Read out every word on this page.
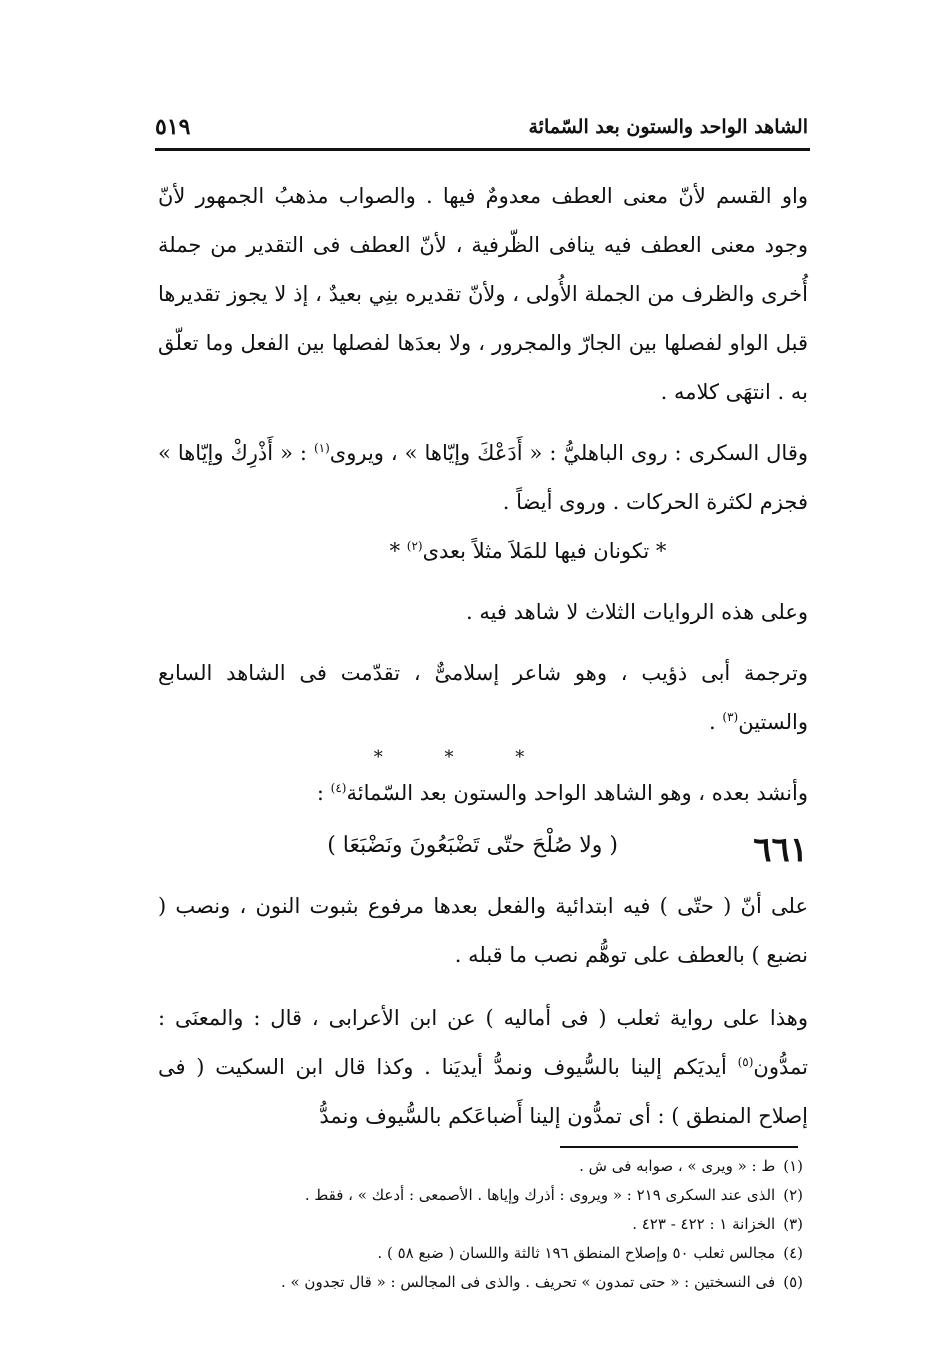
الشاهد الواحد والستون بعد السّمائة
٥١٩

واو القسم لأنّ معنى العطف معدومٌ فيها . والصواب مذهبُ الجمهور لأنّ وجود معنى العطف فيه ينافى الظّرفية ، لأنّ العطف فى التقدير من جملة أُخرى والظرف من الجملة الأُولى ، ولأنّ تقديره بنِي بعيدٌ ، إذ لا يجوز تقديرها قبل الواو لفصلها بين الجارّ والمجرور ، ولا بعدَها لفصلها بين الفعل وما تعلّق به . انتهَى كلامه .

وقال السكرى : روى الباهليُّ : « أَدَعْكَ وإيّاها » ، ويروى$^{(١)}$ : « أَذْرِكْ وإيّاها » فجزم لكثرة الحركات . وروى أيضاً .

* تكونان فيها للمَلاَ مثلاً بعدى$^{(٢)}$ *

وعلى هذه الروايات الثلاث لا شاهد فيه .

وترجمة أبى ذؤيب ، وهو شاعر إسلامىٌّ ، تقدّمت فى الشاهد السابع والستين$^{(٣)}$ .

* * *

وأنشد بعده ، وهو الشاهد الواحد والستون بعد السّمائة$^{(٤)}$ :

٦٦١
( ولا صُلْحَ حتّى تَضْبَعُونَ ونَضْبَعَا )

على أنّ ( حتّى ) فيه ابتدائية والفعل بعدها مرفوع بثبوت النون ، ونصب ( نضبع ) بالعطف على توهُّم نصب ما قبله .

وهذا على رواية ثعلب ( فى أماليه ) عن ابن الأعرابى ، قال : والمعنَى : تمدُّون$^{(٥)}$ أيديَكم إلينا بالسُّيوف ونمدُّ أيديَنا . وكذا قال ابن السكيت ( فى إصلاح المنطق ) : أى تمدُّون إلينا أَضباعَكم بالسُّيوف ونمدُّ

(١)ط : « ويرى » ، صوابه فى ش .
(٢)الذى عند السكرى ٢١٩ : « ويروى : أذرك وإياها . الأصمعى : أدعك » ، فقط .
(٣)الخزانة ١ : ٤٢٢ - ٤٢٣ .
(٤)مجالس ثعلب ٥٠ وإصلاح المنطق ١٩٦ ثالثة واللسان ( ضبع ٥٨ ) .
(٥)فى النسختين : « حتى تمدون » تحريف . والذى فى المجالس : « قال تجدون » .
